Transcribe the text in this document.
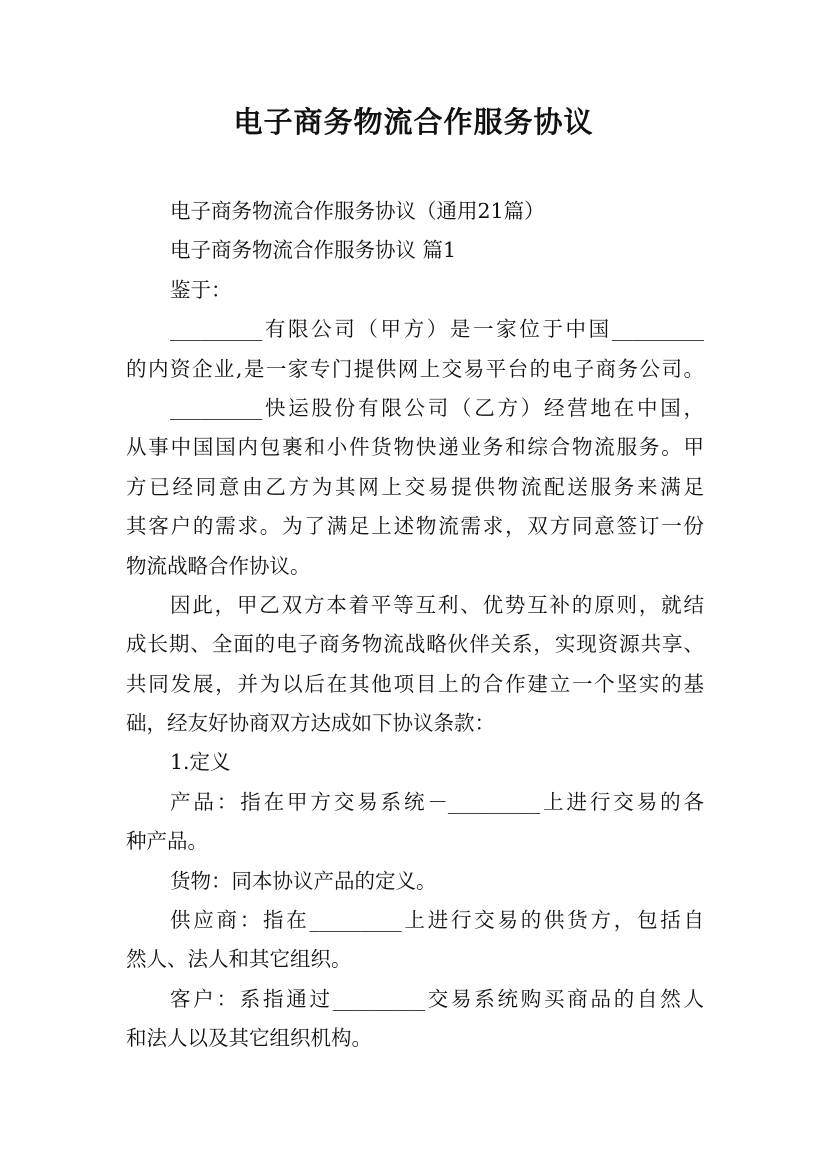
电子商务物流合作服务协议
电子商务物流合作服务协议（通用21篇）
电子商务物流合作服务协议 篇1
鉴于：
_________有限公司（甲方）是一家位于中国_________
的内资企业,是一家专门提供网上交易平台的电子商务公司。
_________快运股份有限公司（乙方）经营地在中国，
从事中国国内包裹和小件货物快递业务和综合物流服务。甲
方已经同意由乙方为其网上交易提供物流配送服务来满足
其客户的需求。为了满足上述物流需求，双方同意签订一份
物流战略合作协议。
因此，甲乙双方本着平等互利、优势互补的原则，就结
成长期、全面的电子商务物流战略伙伴关系，实现资源共享、
共同发展，并为以后在其他项目上的合作建立一个坚实的基
础，经友好协商双方达成如下协议条款：
1.定义
产品：指在甲方交易系统－_________上进行交易的各
种产品。
货物：同本协议产品的定义。
供应商：指在_________上进行交易的供货方，包括自
然人、法人和其它组织。
客户：系指通过_________交易系统购买商品的自然人
和法人以及其它组织机构。
